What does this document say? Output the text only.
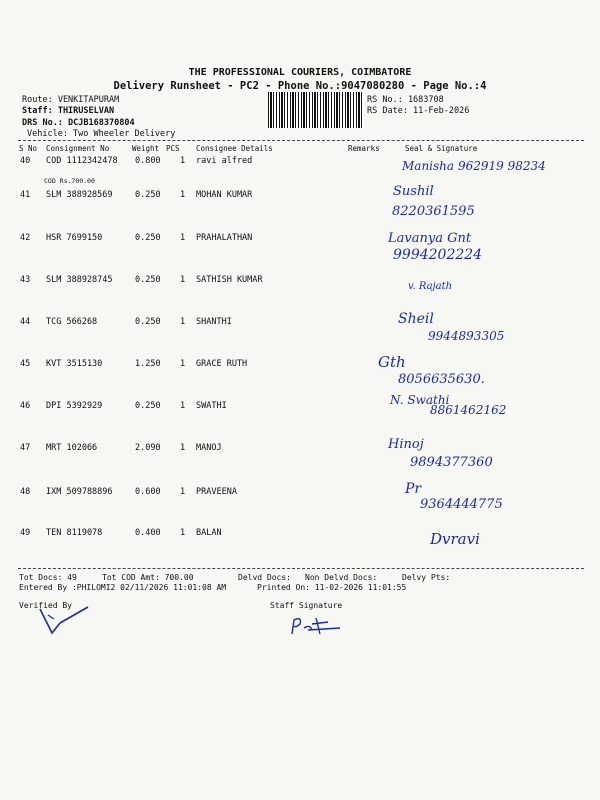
THE PROFESSIONAL COURIERS, COIMBATORE
Delivery Runsheet - PC2 - Phone No.:9047080280 - Page No.:4
Route: VENKITAPURAM
Staff: THIRUSELVAN
DRS No.: DCJB168370804
Vehicle: Two Wheeler Delivery
RS No.: 1683708
RS Date: 11-Feb-2026
S No Consignment No	Weight PCS Consignee Details	Remarks	Seal & Signature
40 COD 1112342478 0.800 1 ravi alfred
COD Rs.700.00
Manisha 962919 98234
41 SLM 388928569	0.250 1 MOHAN KUMAR	Sushil
8220361595
42 HSR 7699150	0.250 1 PRAHALATHAN	Lavanya Gnt
9994202224
43 SLM 388928745	0.250 1 SATHISH KUMAR
v. Rajath
44 TCG 566268	0.250 1 SHANTHI	Sheil
9944893305
45 KVT 3515130	1.250 1 GRACE RUTH	Gth
8056635630.
46 DPI 5392929	0.250 1 SWATHI	N. Swathi
8861462162
47 MRT 102066	2.090 1 MANOJ	Hinoj
9894377360
48 IXM 509788896	0.600 1 PRAVEENA	Pr
9364444775
49 TEN 8119078	0.400 1 BALAN	Dvravi
Tot Docs: 49	Tot COD Amt: 700.00	Delvd Docs: Non Delvd Docs:	Delvy Pts:
Entered By :PHILOMI2 02/11/2026 11:01:08 AM	Printed On: 11-02-2026 11:01:55
Verified By	Staff Signature
